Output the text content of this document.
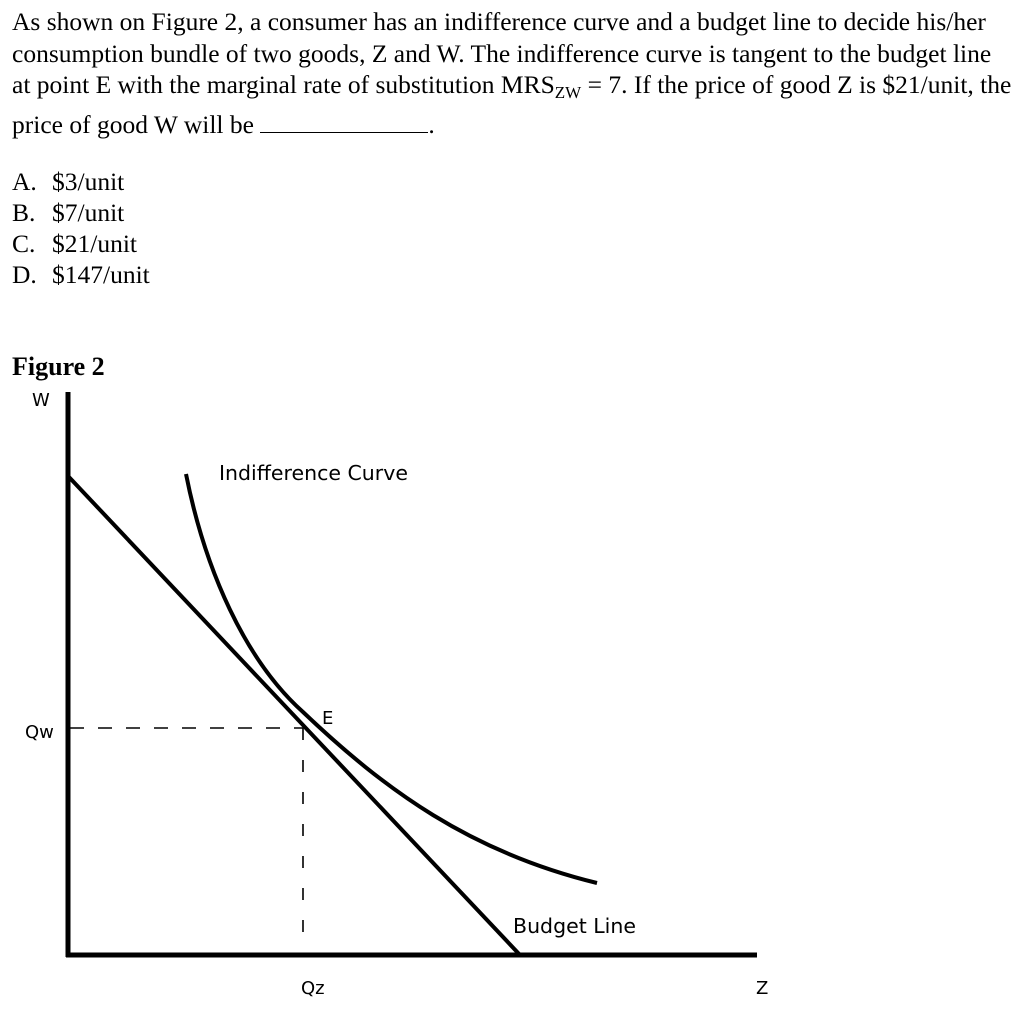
As shown on Figure 2, a consumer has an indifference curve and a budget line to decide his/her consumption bundle of two goods, Z and W. The indifference curve is tangent to the budget line at point E with the marginal rate of substitution $MRS_{ZW} = 7$. If the price of good Z is $21/unit, the price of good W will be	.

A. $3/unit
B. $7/unit
C. $21/unit
D. $147/unit
Figure 2
W
Qw
Qz	Z
E
Indifference Curve
Budget Line
